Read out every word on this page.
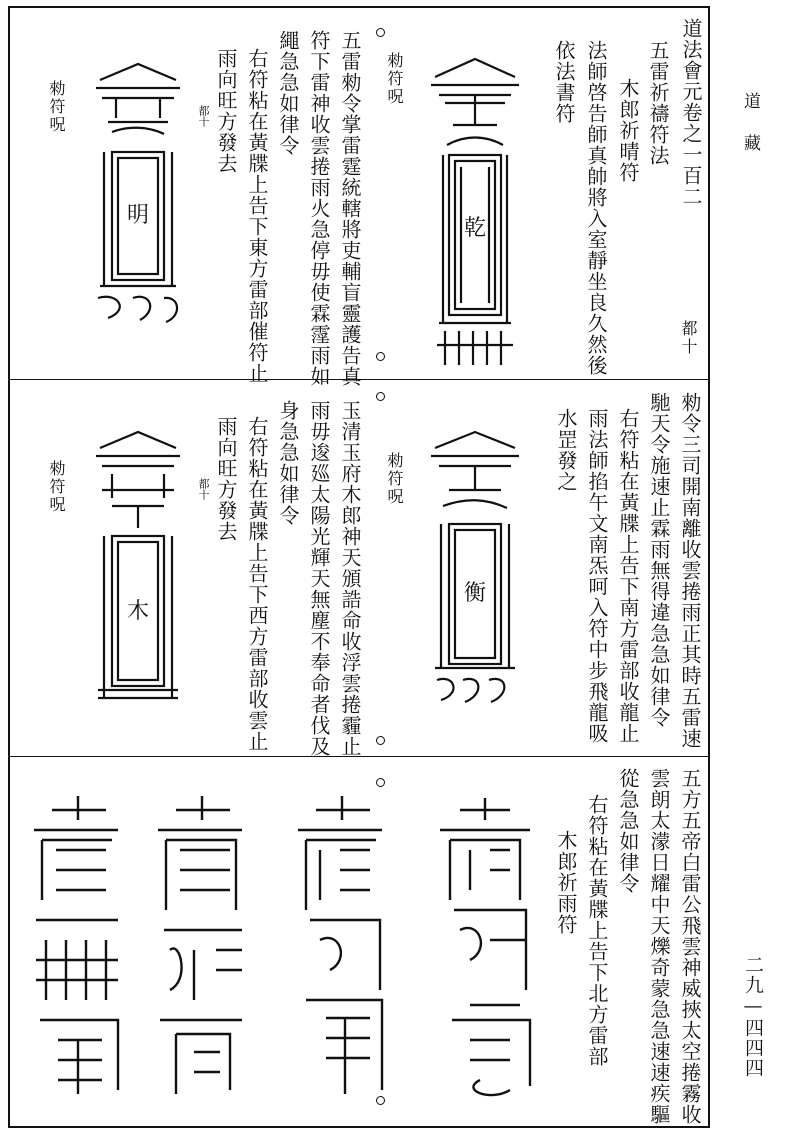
道　藏
二九—四四四
道法會元卷之一百二
五雷祈禱符法
木郎祈晴符
法師啓告師真帥將入室靜坐良久然後
依法書符
都十
乾
勑符呪
五雷勑令掌雷霆統轄將吏輔盲靈護告真
符下雷神收雲捲雨火急停毋使霖霪雨如
繩急急如律令
右符粘在黃牒上告下東方雷部催符止
雨向旺方發去
都十
明
勑符呪
勑令三司開南離收雲捲雨正其時五雷速
馳天令施速止霖雨無得違急急如律令
右符粘在黃牒上告下南方雷部收龍止
雨法師掐午文南炁呵入符中步飛龍吸
水罡發之
衡
勑符呪
玉清玉府木郎神天頒誥命收浮雲捲霾止
雨毋逡廵太陽光輝天無塵不奉命者伐及
身急急如律令
右符粘在黃牒上告下西方雷部收雲止
雨向旺方發去
都十
木
勑符呪
五方五帝白雷公飛雲神威挾太空捲霧收
雲朗太濛日耀中天爍奇蒙急急速速疾驅
從急急如律令
右符粘在黃牒上告下北方雷部
木郎祈雨符
